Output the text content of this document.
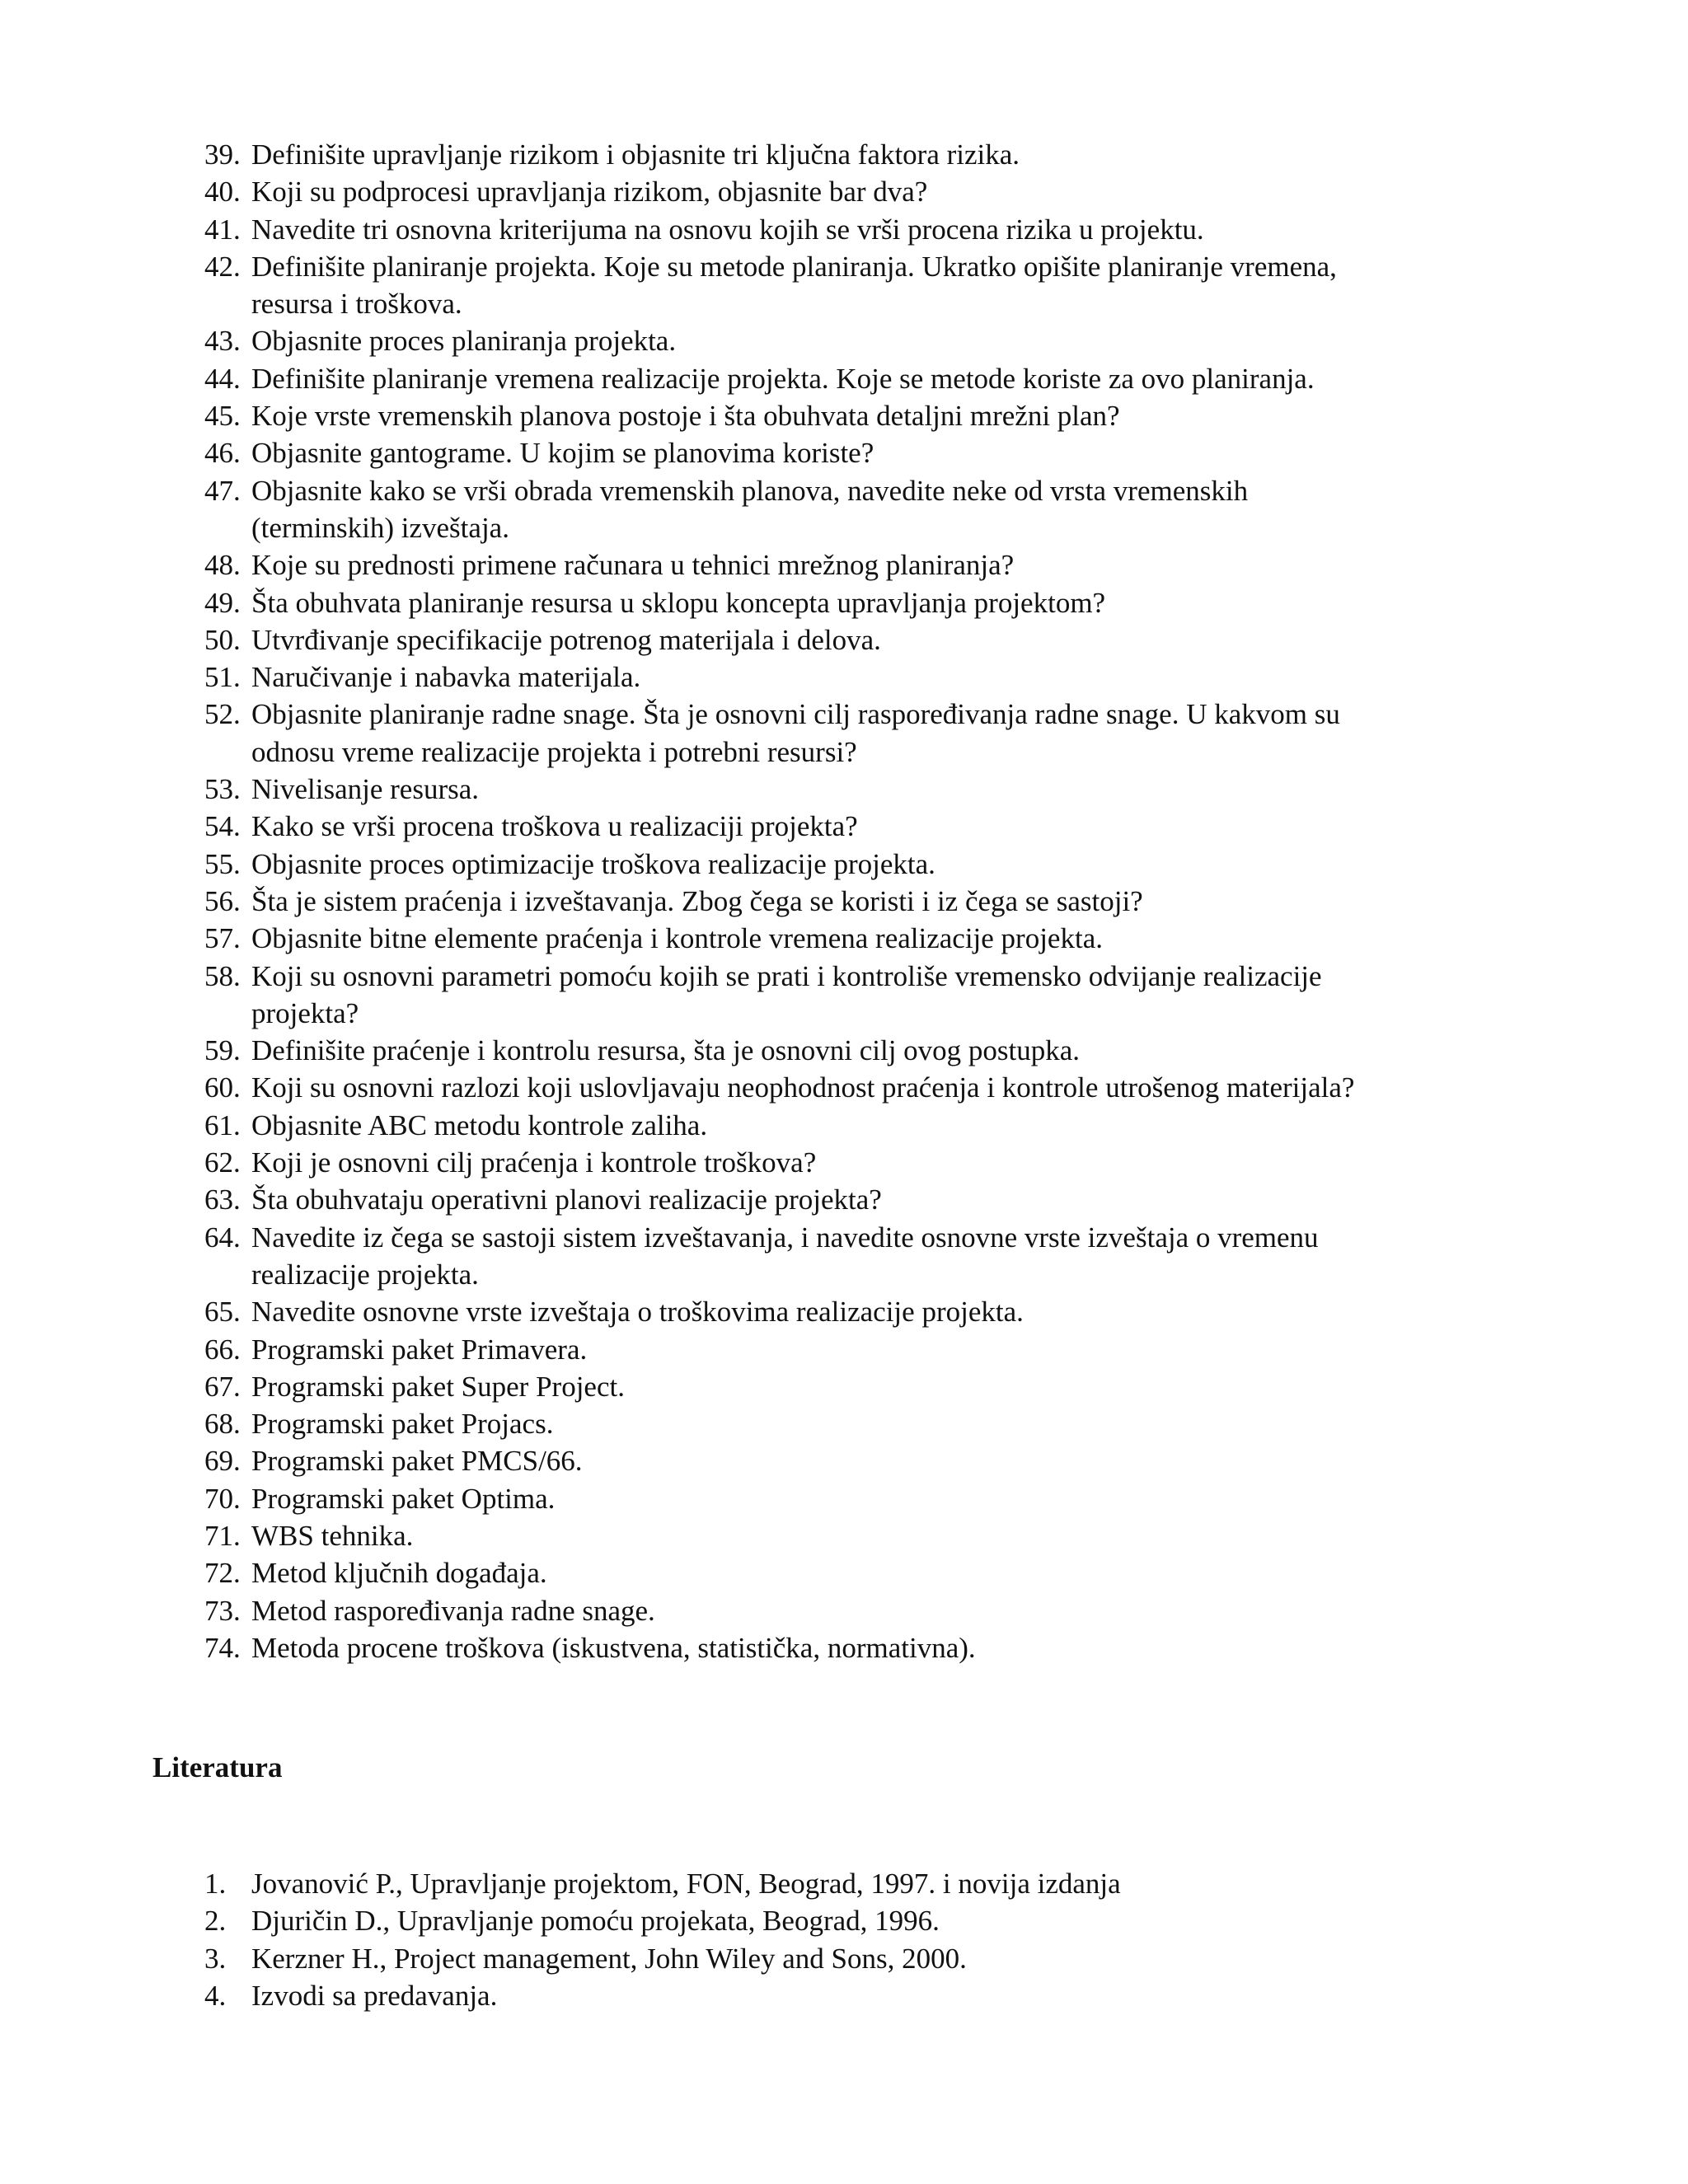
39. Definišite upravljanje rizikom i objasnite tri ključna faktora rizika.
40. Koji su podprocesi upravljanja rizikom, objasnite bar dva?
41. Navedite tri osnovna kriterijuma na osnovu kojih se vrši procena rizika u projektu.
42. Definišite planiranje projekta. Koje su metode planiranja. Ukratko opišite planiranje vremena,
resursa i troškova.
43. Objasnite proces planiranja projekta.
44. Definišite planiranje vremena realizacije projekta. Koje se metode koriste za ovo planiranja.
45. Koje vrste vremenskih planova postoje i šta obuhvata detaljni mrežni plan?
46. Objasnite gantograme. U kojim se planovima koriste?
47. Objasnite kako se vrši obrada vremenskih planova, navedite neke od vrsta vremenskih
(terminskih) izveštaja.
48. Koje su prednosti primene računara u tehnici mrežnog planiranja?
49. Šta obuhvata planiranje resursa u sklopu koncepta upravljanja projektom?
50. Utvrđivanje specifikacije potrenog materijala i delova.
51. Naručivanje i nabavka materijala.
52. Objasnite planiranje radne snage. Šta je osnovni cilj raspoređivanja radne snage. U kakvom su
odnosu vreme realizacije projekta i potrebni resursi?
53. Nivelisanje resursa.
54. Kako se vrši procena troškova u realizaciji projekta?
55. Objasnite proces optimizacije troškova realizacije projekta.
56. Šta je sistem praćenja i izveštavanja. Zbog čega se koristi i iz čega se sastoji?
57. Objasnite bitne elemente praćenja i kontrole vremena realizacije projekta.
58. Koji su osnovni parametri pomoću kojih se prati i kontroliše vremensko odvijanje realizacije
projekta?
59. Definišite praćenje i kontrolu resursa, šta je osnovni cilj ovog postupka.
60. Koji su osnovni razlozi koji uslovljavaju neophodnost praćenja i kontrole utrošenog materijala?
61. Objasnite ABC metodu kontrole zaliha.
62. Koji je osnovni cilj praćenja i kontrole troškova?
63. Šta obuhvataju operativni planovi realizacije projekta?
64. Navedite iz čega se sastoji sistem izveštavanja, i navedite osnovne vrste izveštaja o vremenu
realizacije projekta.
65. Navedite osnovne vrste izveštaja o troškovima realizacije projekta.
66. Programski paket Primavera.
67. Programski paket Super Project.
68. Programski paket Projacs.
69. Programski paket PMCS/66.
70. Programski paket Optima.
71. WBS tehnika.
72. Metod ključnih događaja.
73. Metod raspoređivanja radne snage.
74. Metoda procene troškova (iskustvena, statistička, normativna).
Literatura
1. Jovanović P., Upravljanje projektom, FON, Beograd, 1997. i novija izdanja
2. Djuričin D., Upravljanje pomoću projekata, Beograd, 1996.
3. Kerzner H., Project management, John Wiley and Sons, 2000.
4. Izvodi sa predavanja.
